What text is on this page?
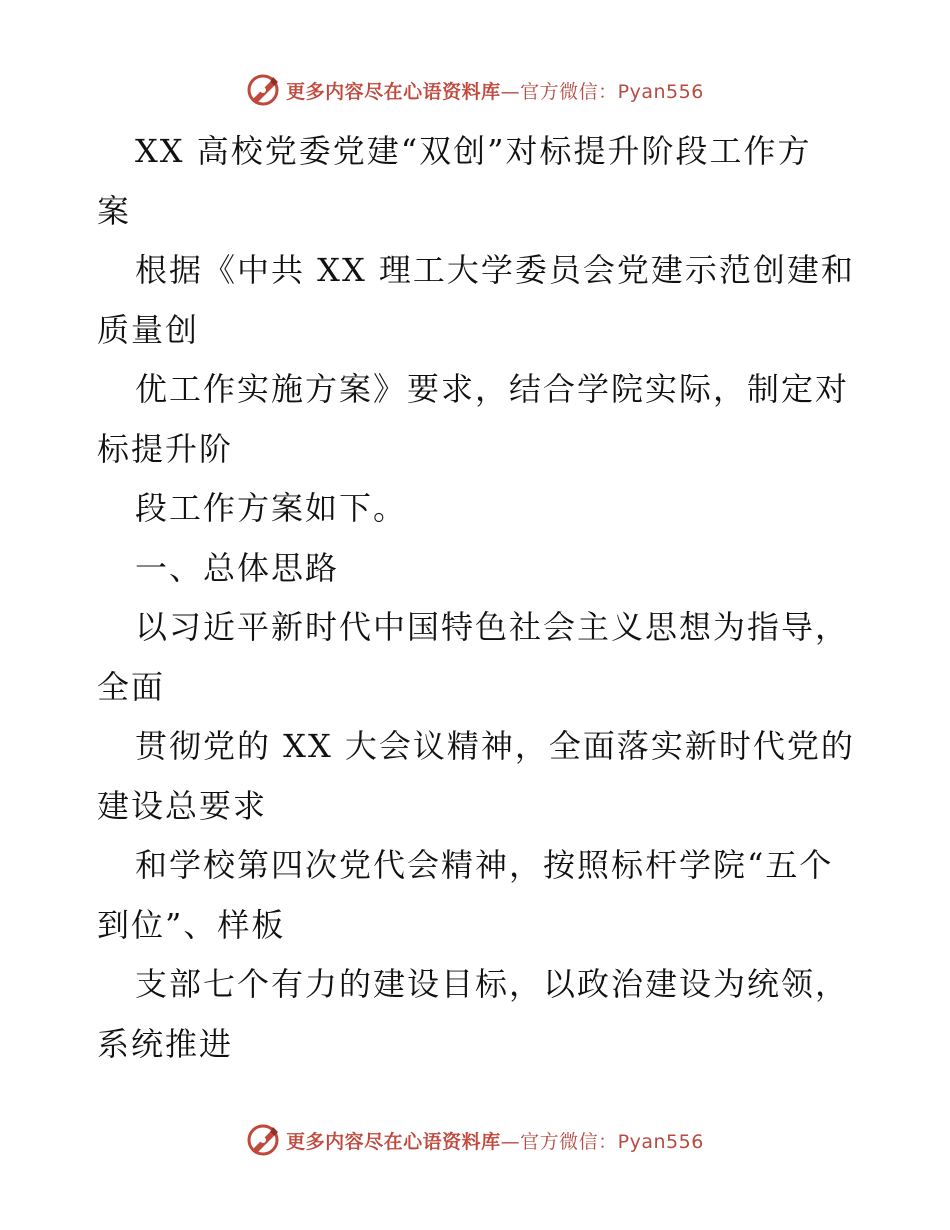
更多内容尽在心语资料库—官方微信：Pyan556
XX 高校党委党建“双创”对标提升阶段工作方
案
根据《中共 XX 理工大学委员会党建示范创建和
质量创
优工作实施方案》要求，结合学院实际，制定对
标提升阶
段工作方案如下。
一、总体思路
以习近平新时代中国特色社会主义思想为指导，
全面
贯彻党的 XX 大会议精神，全面落实新时代党的
建设总要求
和学校第四次党代会精神，按照标杆学院“五个
到位”、样板
支部七个有力的建设目标，以政治建设为统领，
系统推进
更多内容尽在心语资料库—官方微信：Pyan556
